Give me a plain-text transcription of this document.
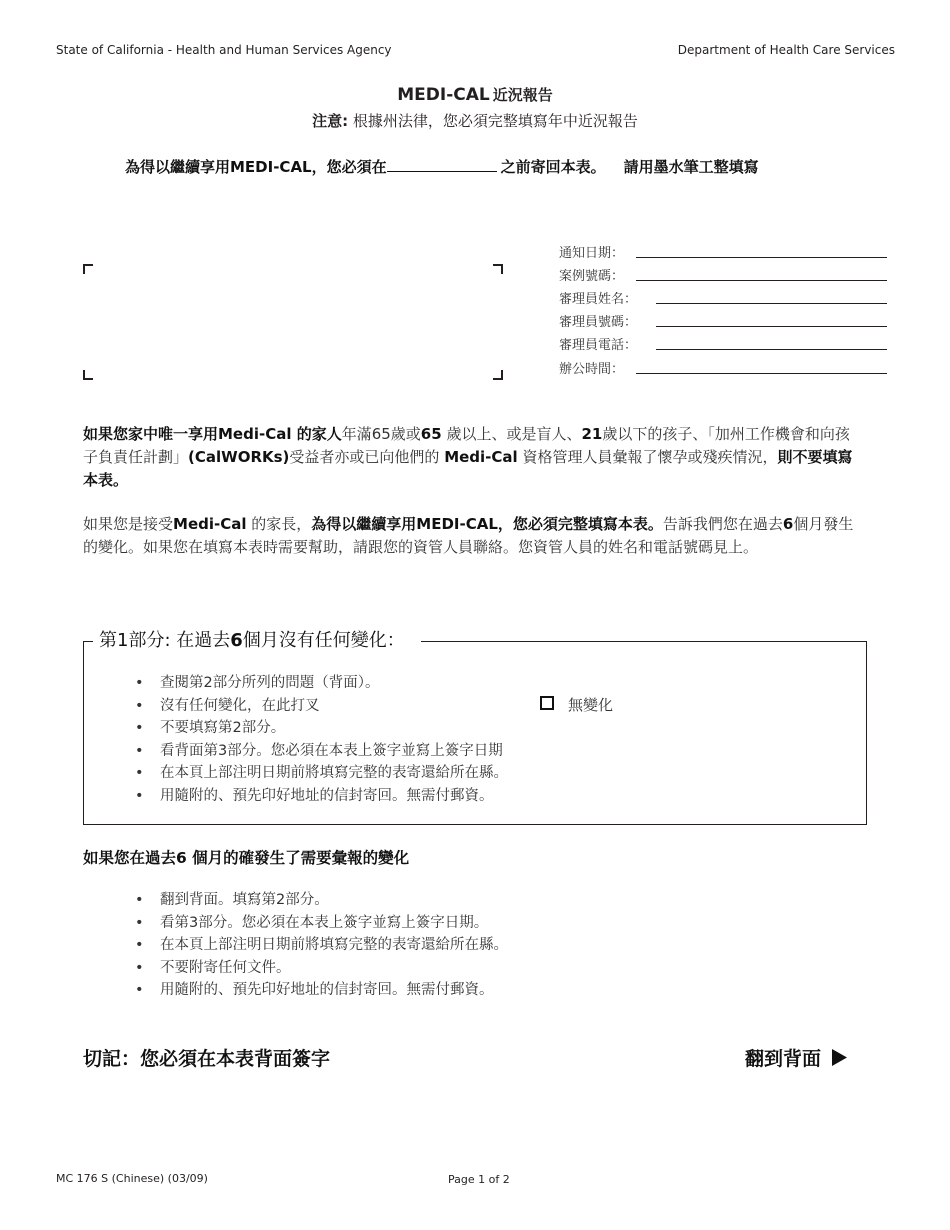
State of California - Health and Human Services Agency	Department of Health Care Services
MEDI-CAL 近況報告
注意: 根據州法律，您必須完整填寫年中近況報告
為得以繼續享用MEDI-CAL，您必須在	之前寄回本表。 請用墨水筆工整填寫
通知日期：
案例號碼：
審理員姓名：
審理員號碼：
審理員電話：
辦公時間：
如果您家中唯一享用Medi-Cal 的家人年滿65歲或65 歲以上、或是盲人、21歲以下的孩子、「加州工作機會和向孩子負責任計劃」(CalWORKs)受益者亦或已向他們的 Medi-Cal 資格管理人員彙報了懷孕或殘疾情況，則不要填寫本表。
如果您是接受Medi-Cal 的家長，為得以繼續享用MEDI-CAL，您必須完整填寫本表。告訴我們您在過去6個月發生的變化。如果您在填寫本表時需要幫助，請跟您的資管人員聯絡。您資管人員的姓名和電話號碼見上。
第1部分: 在過去6個月沒有任何變化：
• 查閱第2部分所列的問題（背面）。
• 沒有任何變化，在此打叉
• 不要填寫第2部分。
• 看背面第3部分。您必須在本表上簽字並寫上簽字日期
• 在本頁上部注明日期前將填寫完整的表寄還給所在縣。
• 用隨附的、預先印好地址的信封寄回。無需付郵資。
無變化
如果您在過去6 個月的確發生了需要彙報的變化
• 翻到背面。填寫第2部分。
• 看第3部分。您必須在本表上簽字並寫上簽字日期。
• 在本頁上部注明日期前將填寫完整的表寄還給所在縣。
• 不要附寄任何文件。
• 用隨附的、預先印好地址的信封寄回。無需付郵資。
切記：您必須在本表背面簽字	翻到背面
MC 176 S (Chinese) (03/09)	Page 1 of 2
